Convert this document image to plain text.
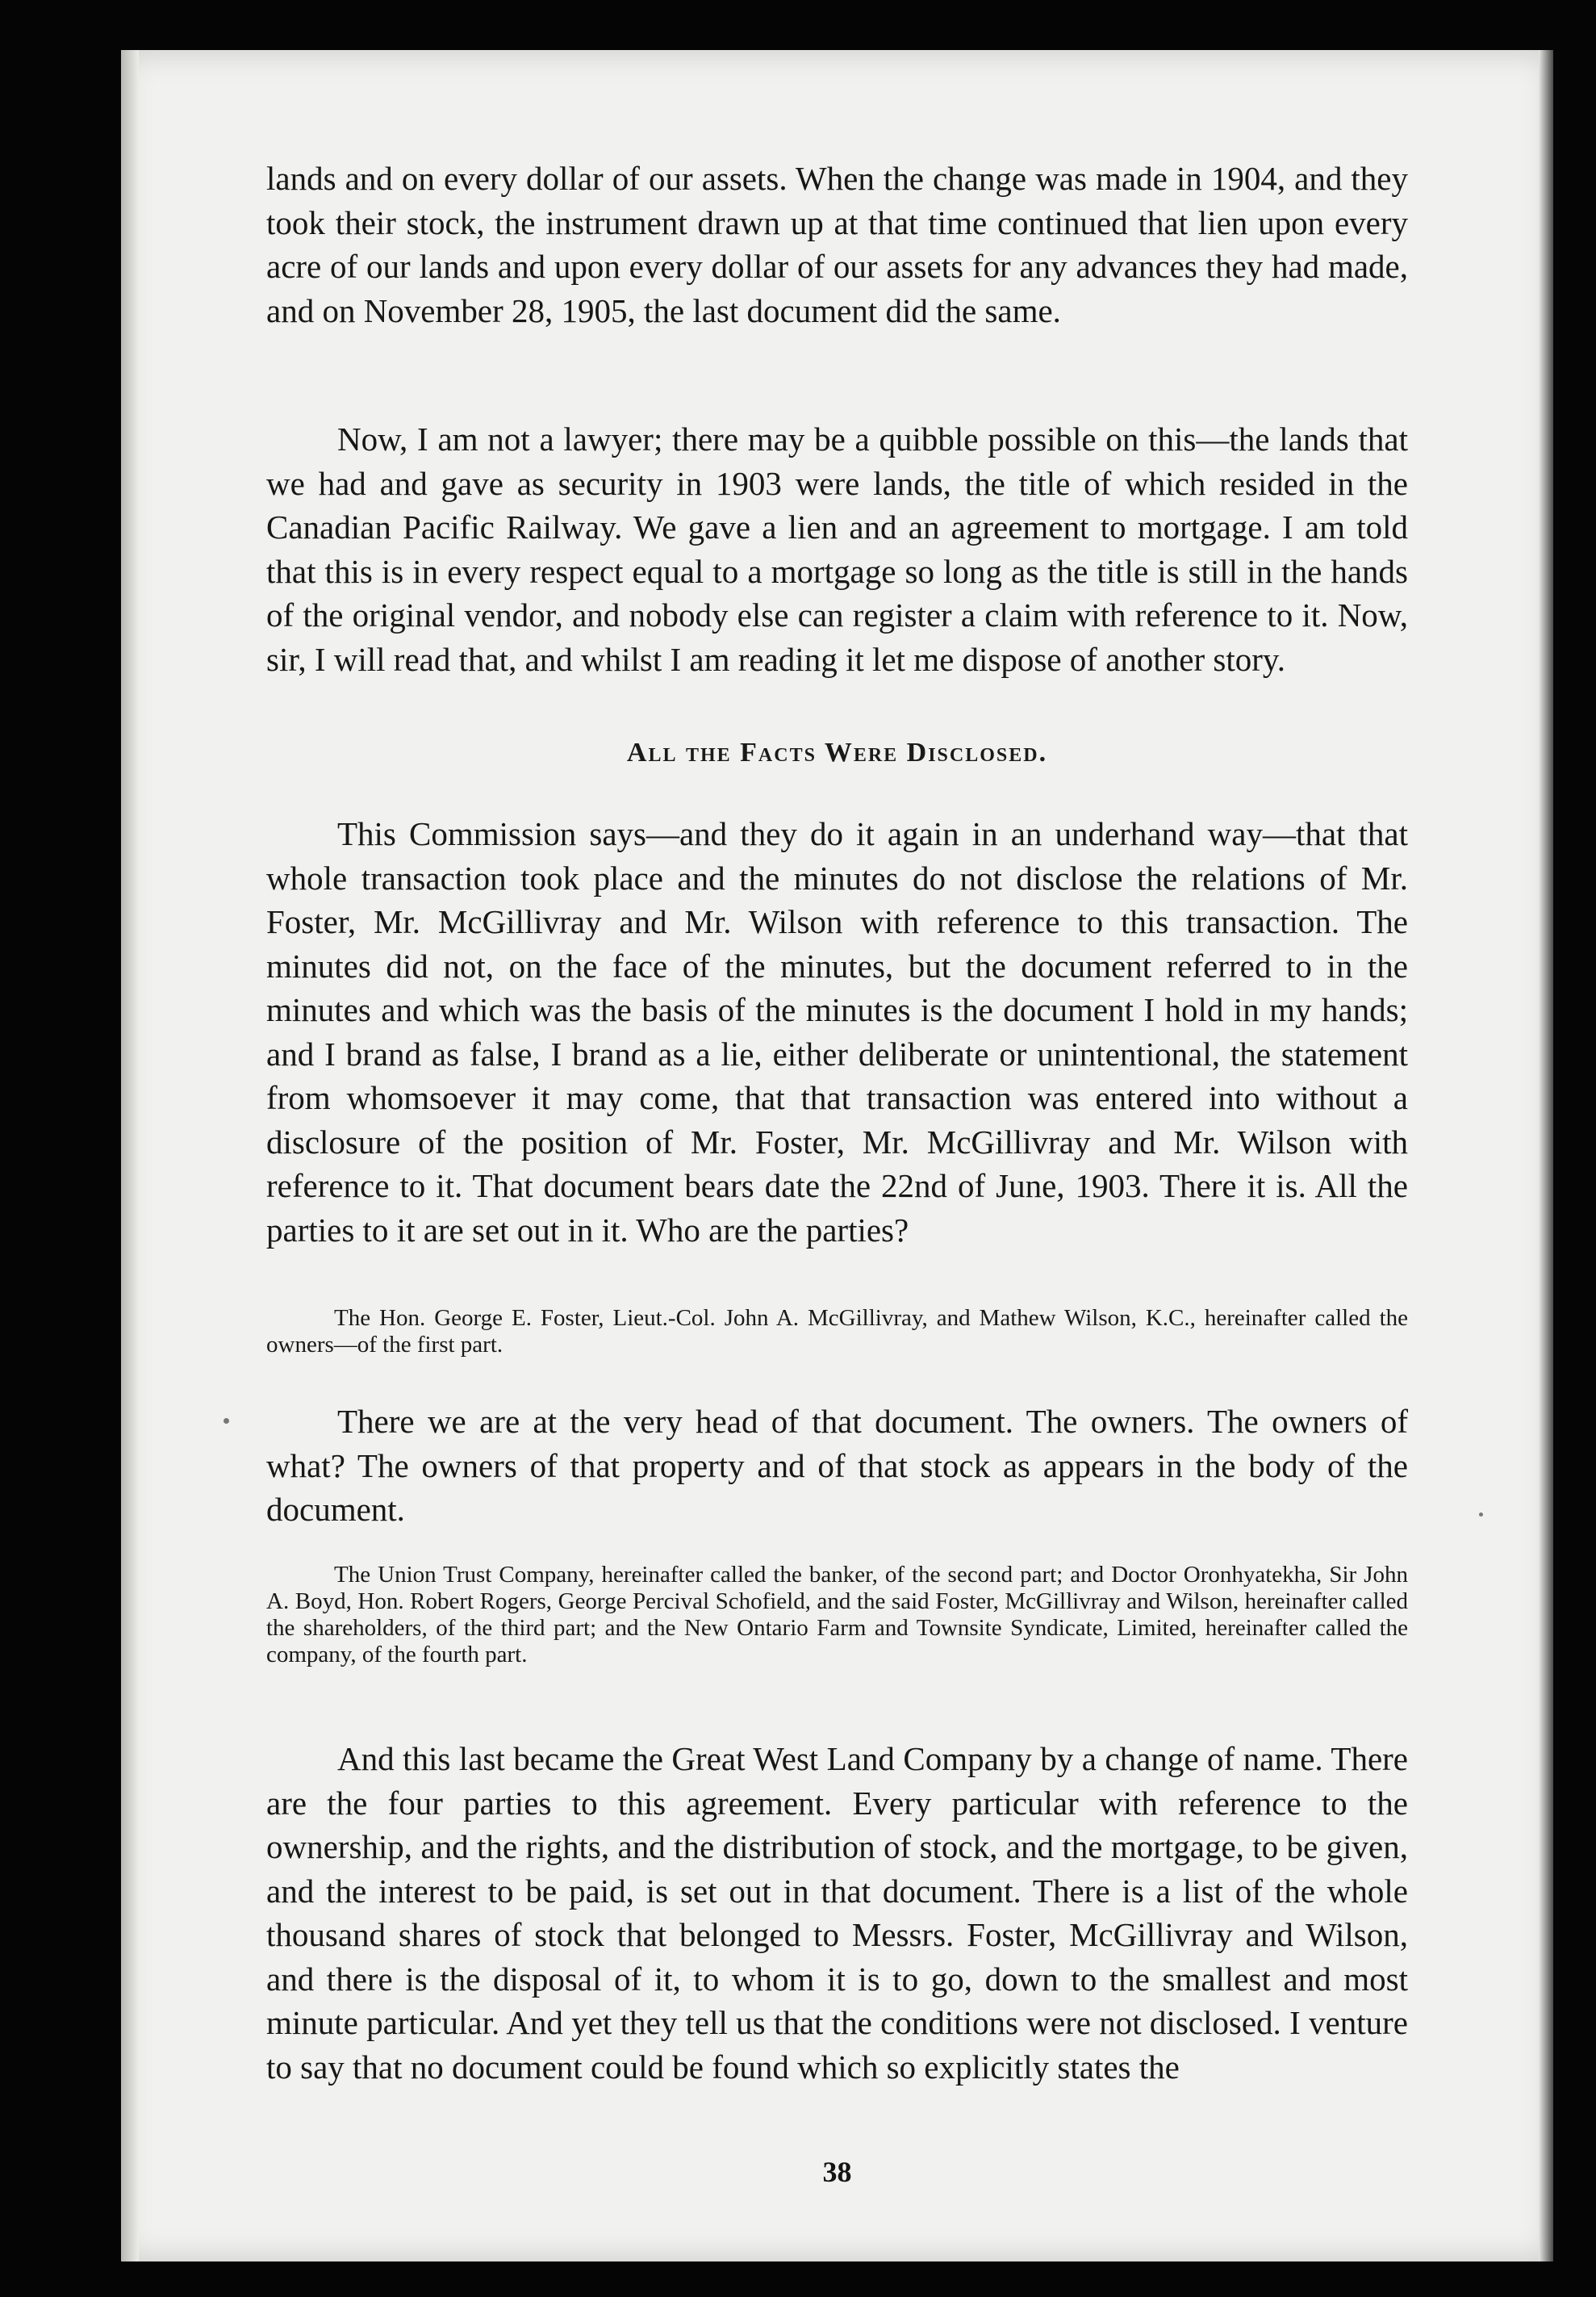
lands and on every dollar of our assets. When the change was made in 1904, and they took their stock, the instrument drawn up at that time continued that lien upon every acre of our lands and upon every dollar of our assets for any advances they had made, and on November 28, 1905, the last document did the same.

Now, I am not a lawyer; there may be a quibble possible on this—the lands that we had and gave as security in 1903 were lands, the title of which resided in the Canadian Pacific Railway. We gave a lien and an agreement to mortgage. I am told that this is in every respect equal to a mortgage so long as the title is still in the hands of the original vendor, and nobody else can register a claim with reference to it. Now, sir, I will read that, and whilst I am reading it let me dispose of another story.

All the Facts Were Disclosed.

This Commission says—and they do it again in an underhand way—that that whole transaction took place and the minutes do not disclose the relations of Mr. Foster, Mr. McGillivray and Mr. Wilson with reference to this transaction. The minutes did not, on the face of the minutes, but the document referred to in the minutes and which was the basis of the minutes is the document I hold in my hands; and I brand as false, I brand as a lie, either deliberate or unintentional, the statement from whomsoever it may come, that that transaction was entered into without a disclosure of the position of Mr. Foster, Mr. McGillivray and Mr. Wilson with reference to it. That document bears date the 22nd of June, 1903. There it is. All the parties to it are set out in it. Who are the parties?

The Hon. George E. Foster, Lieut.-Col. John A. McGillivray, and Mathew Wilson, K.C., hereinafter called the owners—of the first part.

There we are at the very head of that document. The owners. The owners of what? The owners of that property and of that stock as appears in the body of the document.

The Union Trust Company, hereinafter called the banker, of the second part; and Doctor Oronhyatekha, Sir John A. Boyd, Hon. Robert Rogers, George Percival Schofield, and the said Foster, McGillivray and Wilson, hereinafter called the shareholders, of the third part; and the New Ontario Farm and Townsite Syndicate, Limited, hereinafter called the company, of the fourth part.

And this last became the Great West Land Company by a change of name. There are the four parties to this agreement. Every particular with reference to the ownership, and the rights, and the distribution of stock, and the mortgage, to be given, and the interest to be paid, is set out in that document. There is a list of the whole thousand shares of stock that belonged to Messrs. Foster, McGillivray and Wilson, and there is the disposal of it, to whom it is to go, down to the smallest and most minute particular. And yet they tell us that the conditions were not disclosed. I venture to say that no document could be found which so explicitly states the

38
